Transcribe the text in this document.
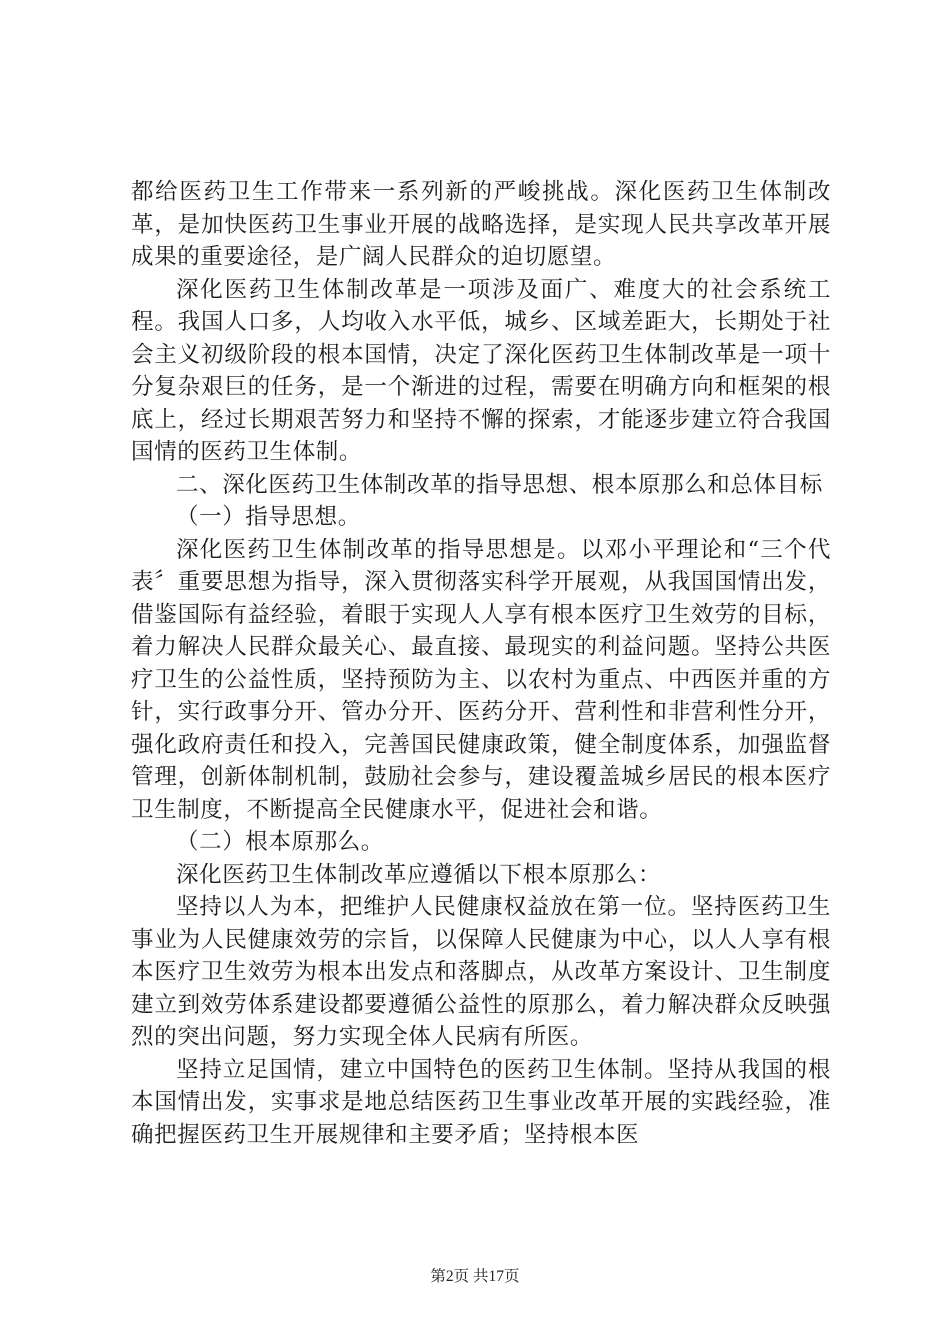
都给医药卫生工作带来一系列新的严峻挑战。深化医药卫生体制改革，是加快医药卫生事业开展的战略选择，是实现人民共享改革开展成果的重要途径，是广阔人民群众的迫切愿望。

深化医药卫生体制改革是一项涉及面广、难度大的社会系统工程。我国人口多，人均收入水平低，城乡、区域差距大，长期处于社会主义初级阶段的根本国情，决定了深化医药卫生体制改革是一项十分复杂艰巨的任务，是一个渐进的过程，需要在明确方向和框架的根底上，经过长期艰苦努力和坚持不懈的探索，才能逐步建立符合我国国情的医药卫生体制。

二、深化医药卫生体制改革的指导思想、根本原那么和总体目标

（一）指导思想。

深化医药卫生体制改革的指导思想是。以邓小平理论和“三个代表〞重要思想为指导，深入贯彻落实科学开展观，从我国国情出发，借鉴国际有益经验，着眼于实现人人享有根本医疗卫生效劳的目标，着力解决人民群众最关心、最直接、最现实的利益问题。坚持公共医疗卫生的公益性质，坚持预防为主、以农村为重点、中西医并重的方针，实行政事分开、管办分开、医药分开、营利性和非营利性分开，强化政府责任和投入，完善国民健康政策，健全制度体系，加强监督管理，创新体制机制，鼓励社会参与，建设覆盖城乡居民的根本医疗卫生制度，不断提高全民健康水平，促进社会和谐。

（二）根本原那么。

深化医药卫生体制改革应遵循以下根本原那么：

坚持以人为本，把维护人民健康权益放在第一位。坚持医药卫生事业为人民健康效劳的宗旨，以保障人民健康为中心，以人人享有根本医疗卫生效劳为根本出发点和落脚点，从改革方案设计、卫生制度建立到效劳体系建设都要遵循公益性的原那么，着力解决群众反映强烈的突出问题，努力实现全体人民病有所医。

坚持立足国情，建立中国特色的医药卫生体制。坚持从我国的根本国情出发，实事求是地总结医药卫生事业改革开展的实践经验，准确把握医药卫生开展规律和主要矛盾；坚持根本医

第2页 共17页
